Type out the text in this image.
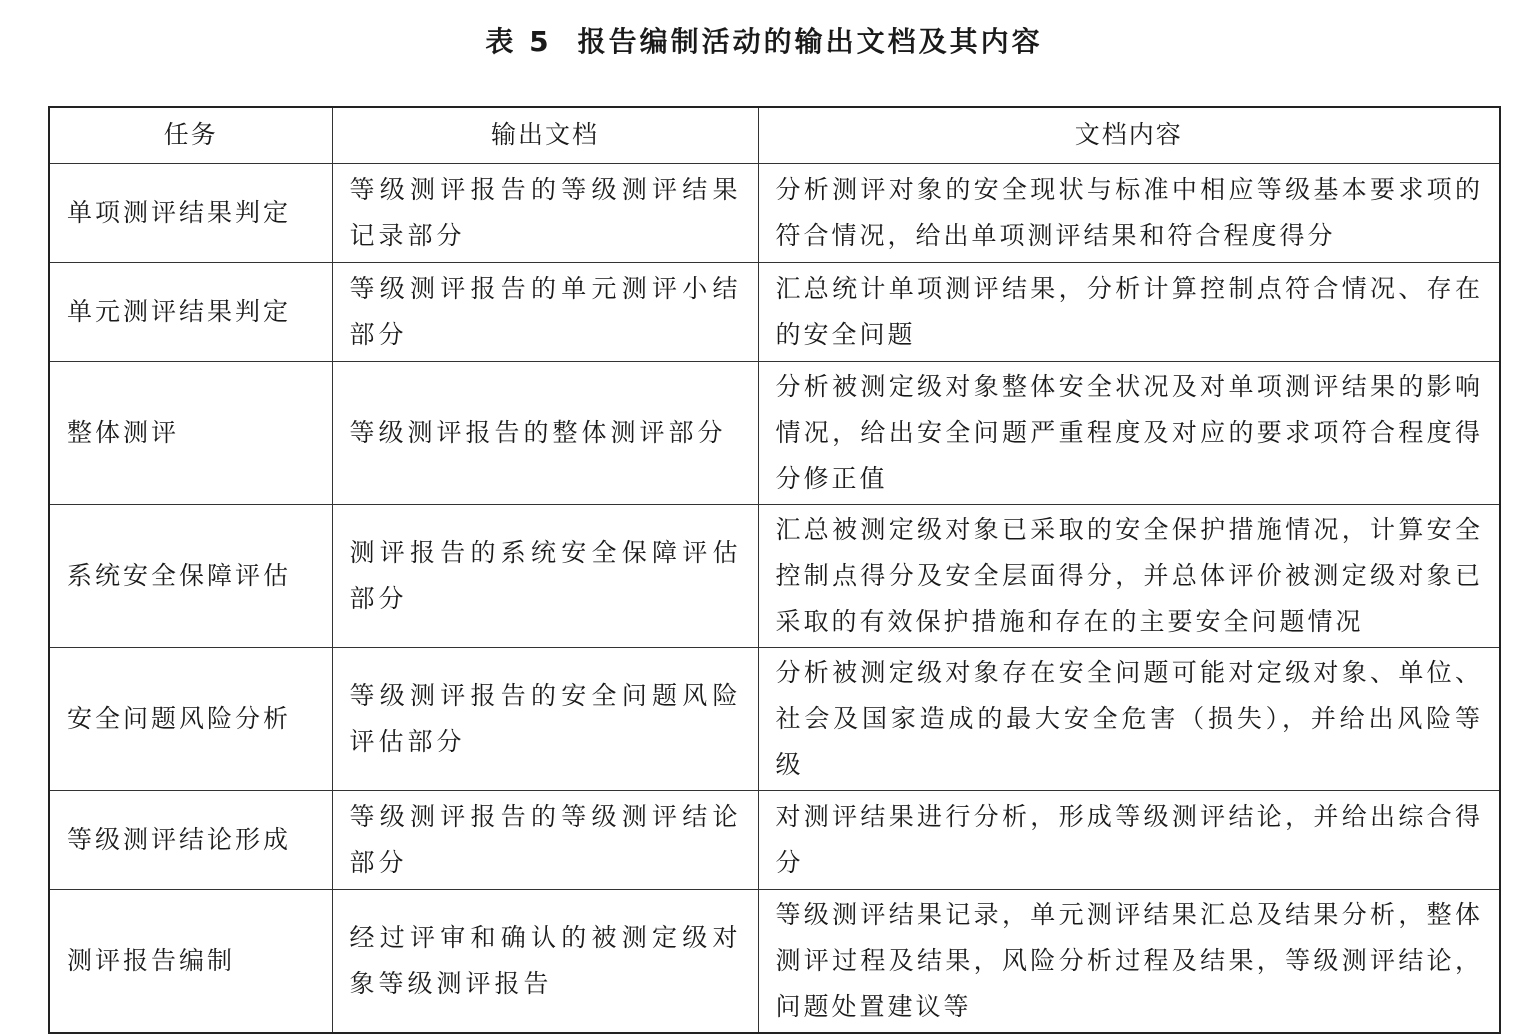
表 5 报告编制活动的输出文档及其内容
任务	输出文档	文档内容
单项测评结果判定	等级测评报告的等级测评结果记录部分	分析测评对象的安全现状与标准中相应等级基本要求项的符合情况，给出单项测评结果和符合程度得分
单元测评结果判定	等级测评报告的单元测评小结部分	汇总统计单项测评结果，分析计算控制点符合情况、存在的安全问题
整体测评	等级测评报告的整体测评部分	分析被测定级对象整体安全状况及对单项测评结果的影响情况，给出安全问题严重程度及对应的要求项符合程度得分修正值
系统安全保障评估	测评报告的系统安全保障评估部分	汇总被测定级对象已采取的安全保护措施情况，计算安全控制点得分及安全层面得分，并总体评价被测定级对象已采取的有效保护措施和存在的主要安全问题情况
安全问题风险分析	等级测评报告的安全问题风险评估部分	分析被测定级对象存在安全问题可能对定级对象、单位、社会及国家造成的最大安全危害（损失），并给出风险等级
等级测评结论形成	等级测评报告的等级测评结论部分	对测评结果进行分析，形成等级测评结论，并给出综合得分
测评报告编制	经过评审和确认的被测定级对象等级测评报告	等级测评结果记录，单元测评结果汇总及结果分析，整体测评过程及结果，风险分析过程及结果，等级测评结论，问题处置建议等
